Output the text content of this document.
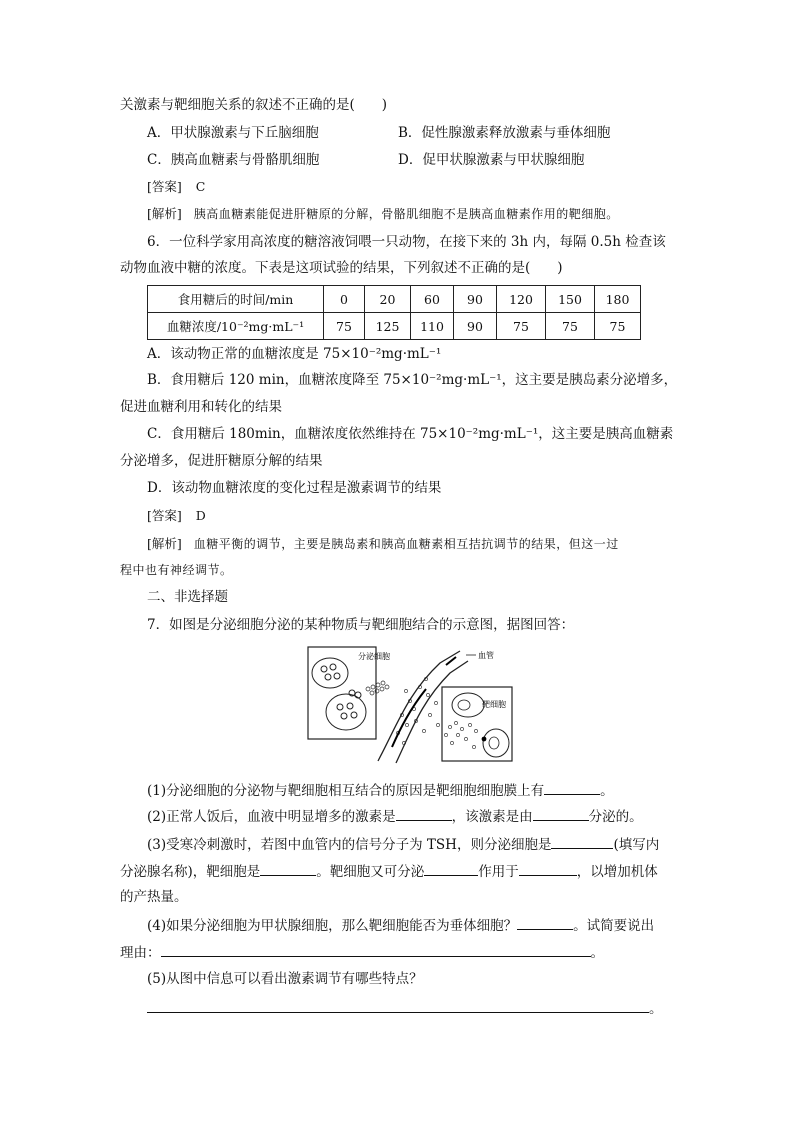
关激素与靶细胞关系的叙述不正确的是(　　)
A．甲状腺激素与下丘脑细胞	B．促性腺激素释放激素与垂体细胞
C．胰高血糖素与骨骼肌细胞	D．促甲状腺激素与甲状腺细胞
[答案] C
[解析] 胰高血糖素能促进肝糖原的分解，骨骼肌细胞不是胰高血糖素作用的靶细胞。
6．一位科学家用高浓度的糖溶液饲喂一只动物，在接下来的 3h 内，每隔 0.5h 检查该
动物血液中糖的浓度。下表是这项试验的结果，下列叙述不正确的是(　　)
食用糖后的时间/min	0	20	60	90	120	150	180
血糖浓度/10⁻²mg·mL⁻¹	75	125	110	90	75	75	75
A．该动物正常的血糖浓度是 75×10⁻²mg·mL⁻¹
B．食用糖后 120 min，血糖浓度降至 75×10⁻²mg·mL⁻¹，这主要是胰岛素分泌增多，
促进血糖利用和转化的结果
C．食用糖后 180min，血糖浓度依然维持在 75×10⁻²mg·mL⁻¹，这主要是胰高血糖素
分泌增多，促进肝糖原分解的结果
D．该动物血糖浓度的变化过程是激素调节的结果
[答案] D
[解析] 血糖平衡的调节，主要是胰岛素和胰高血糖素相互拮抗调节的结果，但这一过
程中也有神经调节。
二、非选择题
7．如图是分泌细胞分泌的某种物质与靶细胞结合的示意图，据图回答：
分泌细胞	血管
靶细胞
(1)分泌细胞的分泌物与靶细胞相互结合的原因是靶细胞细胞膜上有	。
(2)正常人饭后，血液中明显增多的激素是	，该激素是由	分泌的。
(3)受寒冷刺激时，若图中血管内的信号分子为 TSH，则分泌细胞是	(填写内
分泌腺名称)，靶细胞是	。靶细胞又可分泌	作用于	，以增加机体
的产热量。
(4)如果分泌细胞为甲状腺细胞，那么靶细胞能否为垂体细胞？	。试简要说出
理由：	。
(5)从图中信息可以看出激素调节有哪些特点？
。
